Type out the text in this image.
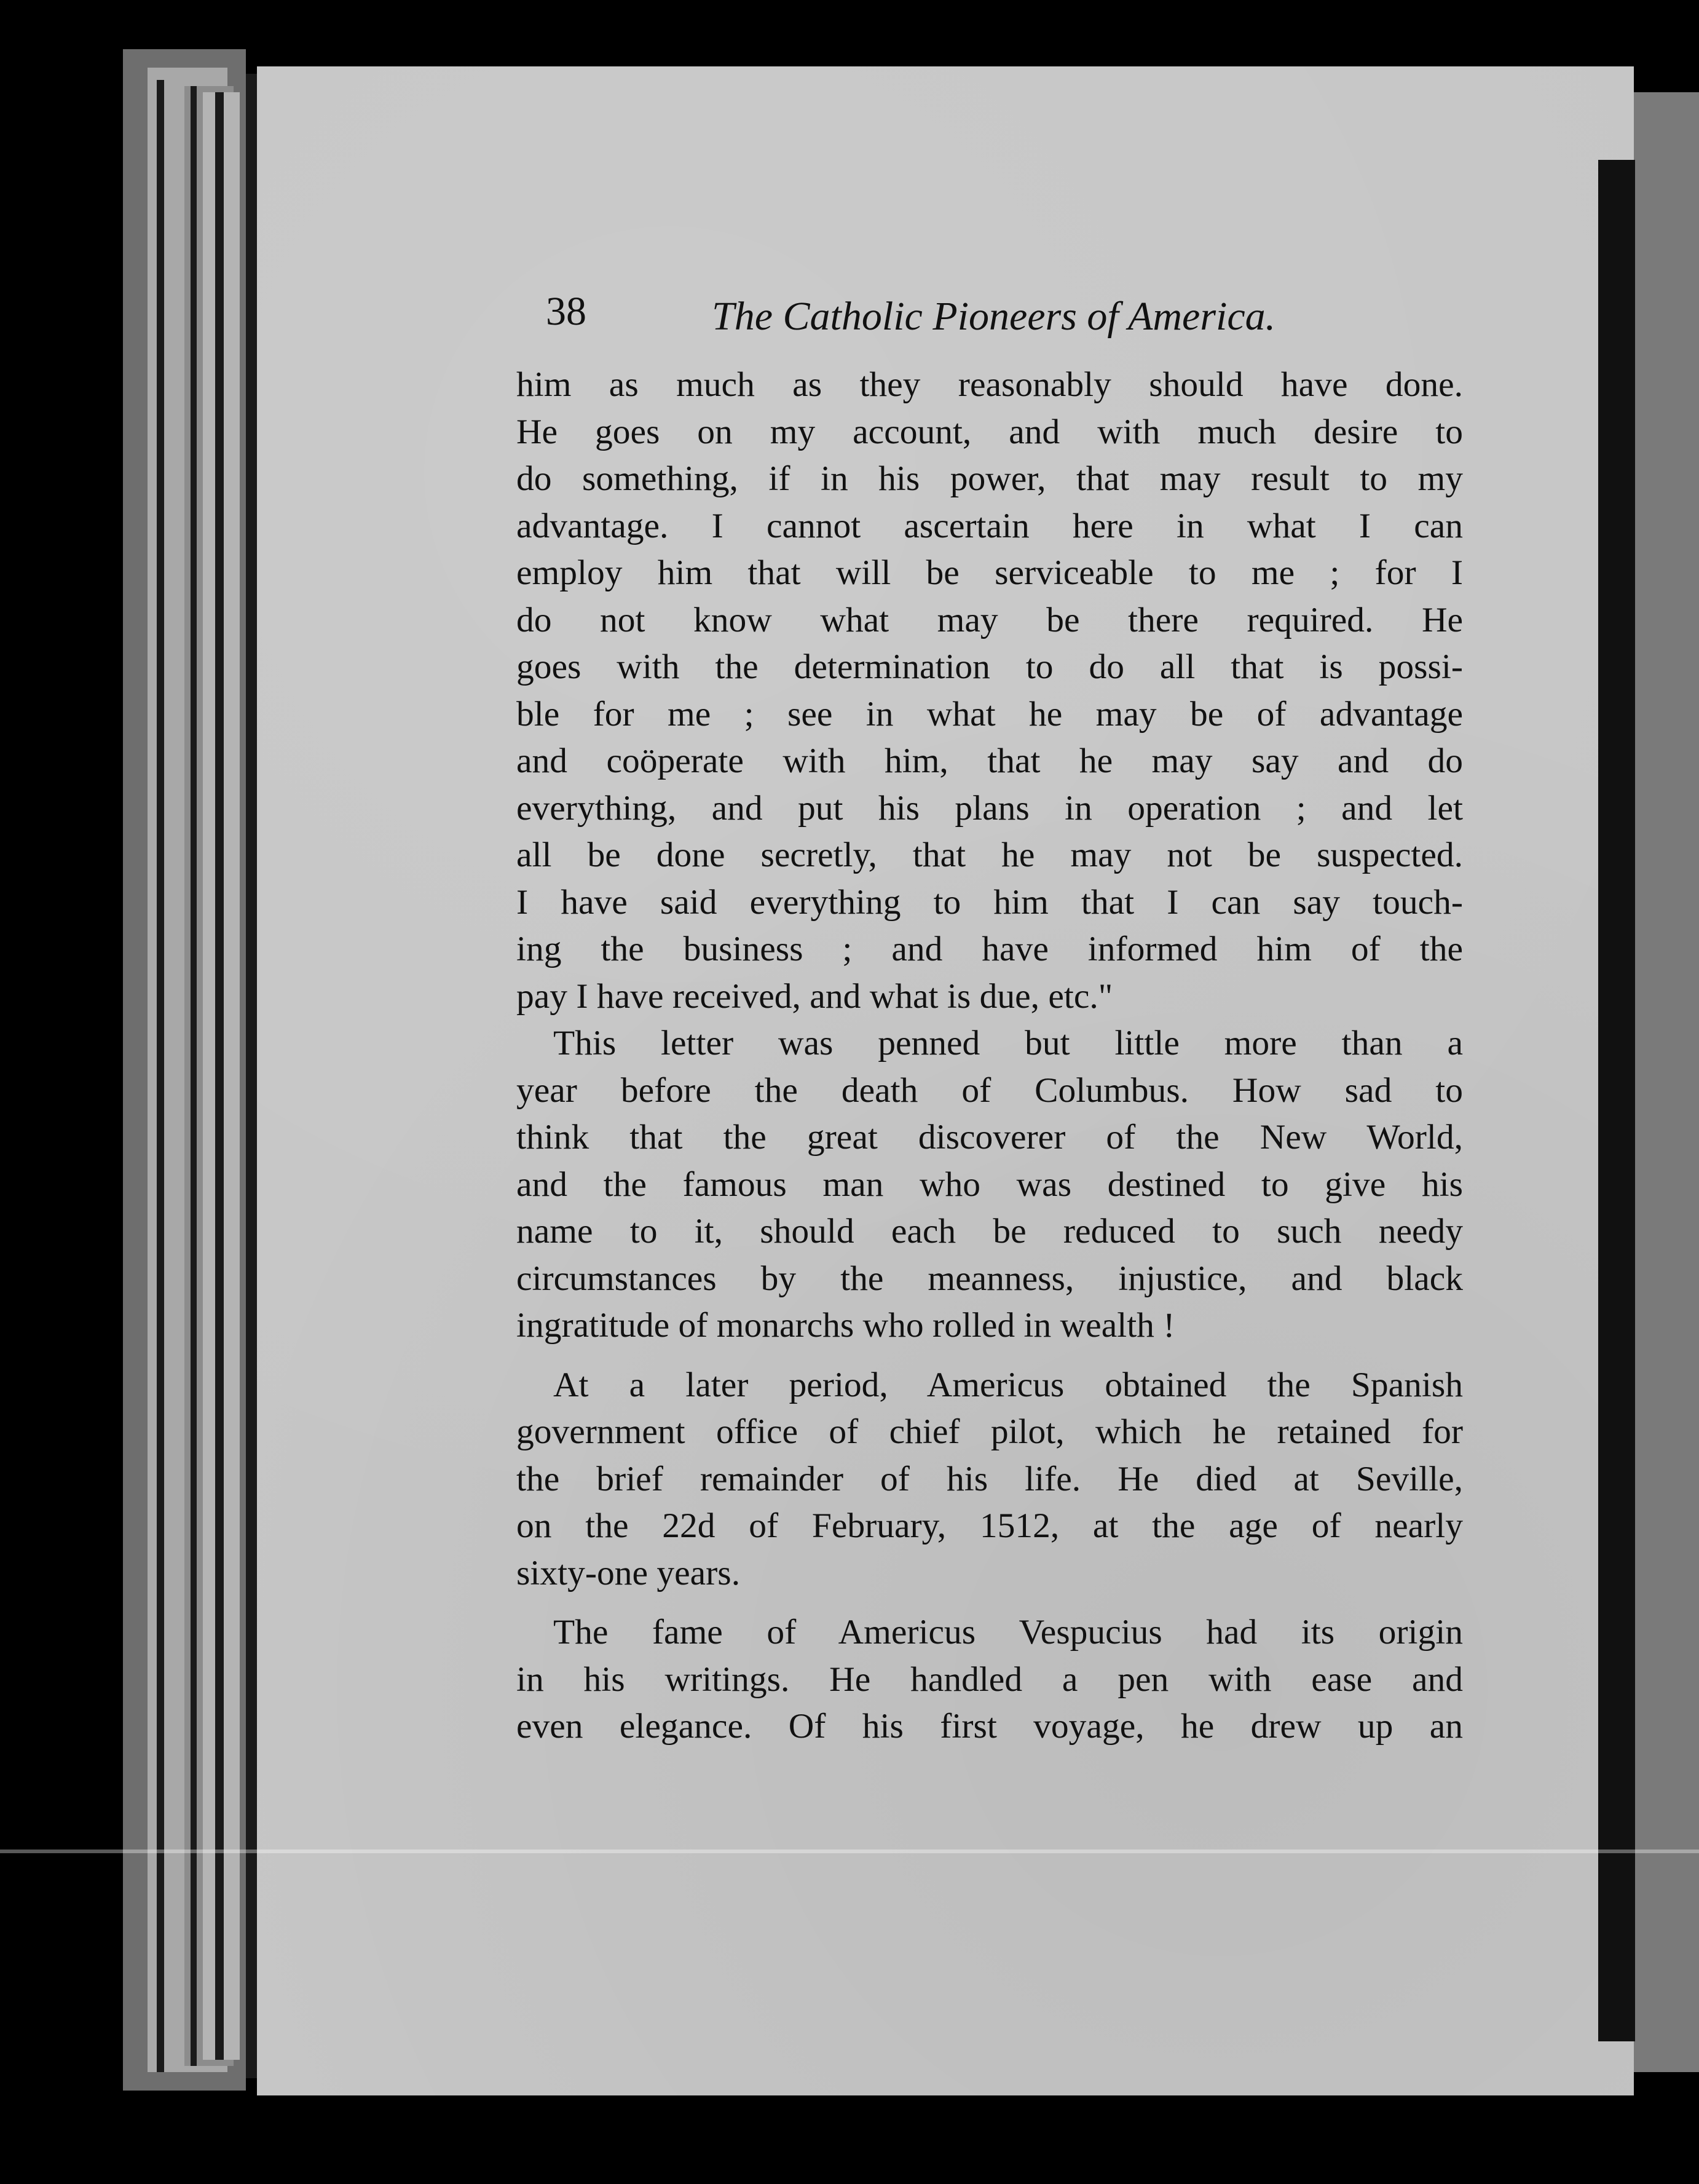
38	The Catholic Pioneers of America.
him as much as they reasonably should have done.
He goes on my account, and with much desire to
do something, if in his power, that may result to my
advantage. I cannot ascertain here in what I can
employ him that will be serviceable to me ; for I
do not know what may be there required. He
goes with the determination to do all that is possi-
ble for me ; see in what he may be of advantage
and coöperate with him, that he may say and do
everything, and put his plans in operation ; and let
all be done secretly, that he may not be suspected.
I have said everything to him that I can say touch-
ing the business ; and have informed him of the
pay I have received, and what is due, etc."
This letter was penned but little more than a
year before the death of Columbus. How sad to
think that the great discoverer of the New World,
and the famous man who was destined to give his
name to it, should each be reduced to such needy
circumstances by the meanness, injustice, and black
ingratitude of monarchs who rolled in wealth !
At a later period, Americus obtained the Spanish
government office of chief pilot, which he retained for
the brief remainder of his life. He died at Seville,
on the 22d of February, 1512, at the age of nearly
sixty-one years.
The fame of Americus Vespucius had its origin
in his writings. He handled a pen with ease and
even elegance. Of his first voyage, he drew up an
